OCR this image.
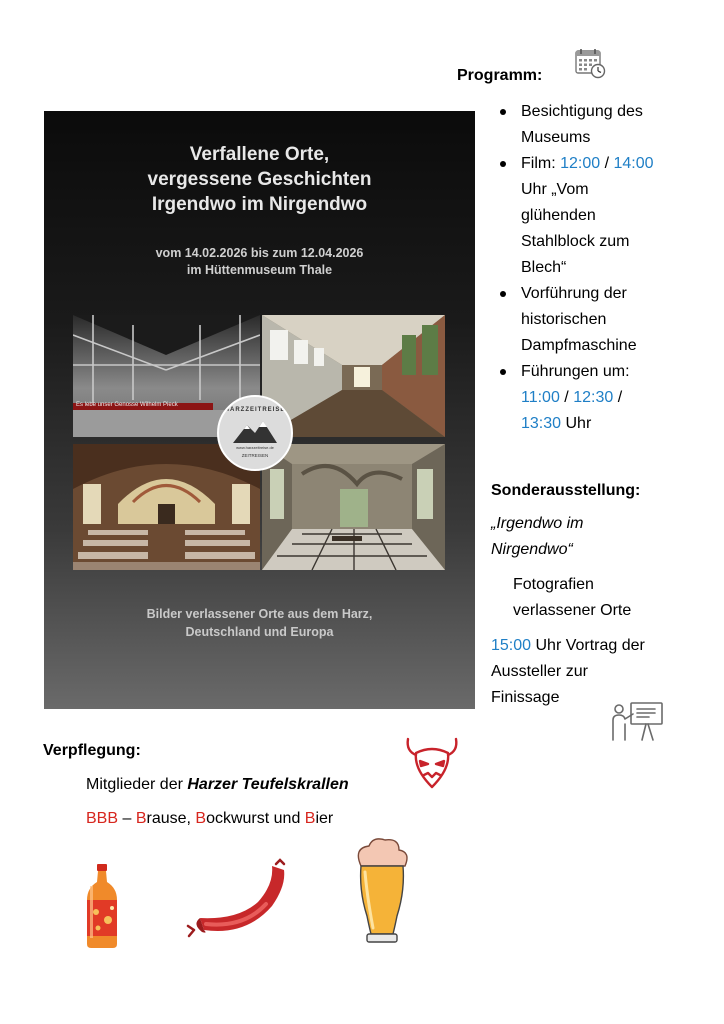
Programm:
Verfallene Orte,
vergessene Geschichten
Irgendwo im Nirgendwo
vom 14.02.2026 bis zum 12.04.2026
im Hüttenmuseum Thale
Es lebe unser Genosse Wilhelm Pieck
HARZZEITREISE
www.harzzeitreise.de
ZEITREISEN
Bilder verlassener Orte aus dem Harz,
Deutschland und Europa
Besichtigung des
Museums
Film: 12:00 / 14:00
Uhr „Vom
glühenden
Stahlblock zum
Blech“
Vorführung der
historischen
Dampfmaschine
Führungen um:
11:00 / 12:30 /
13:30 Uhr
Sonderausstellung:
„Irgendwo im
Nirgendwo“
Fotografien
verlassener Orte
15:00 Uhr Vortrag der
Aussteller zur
Finissage
Verpflegung:
Mitglieder der Harzer Teufelskrallen
BBB – Brause, Bockwurst und Bier
